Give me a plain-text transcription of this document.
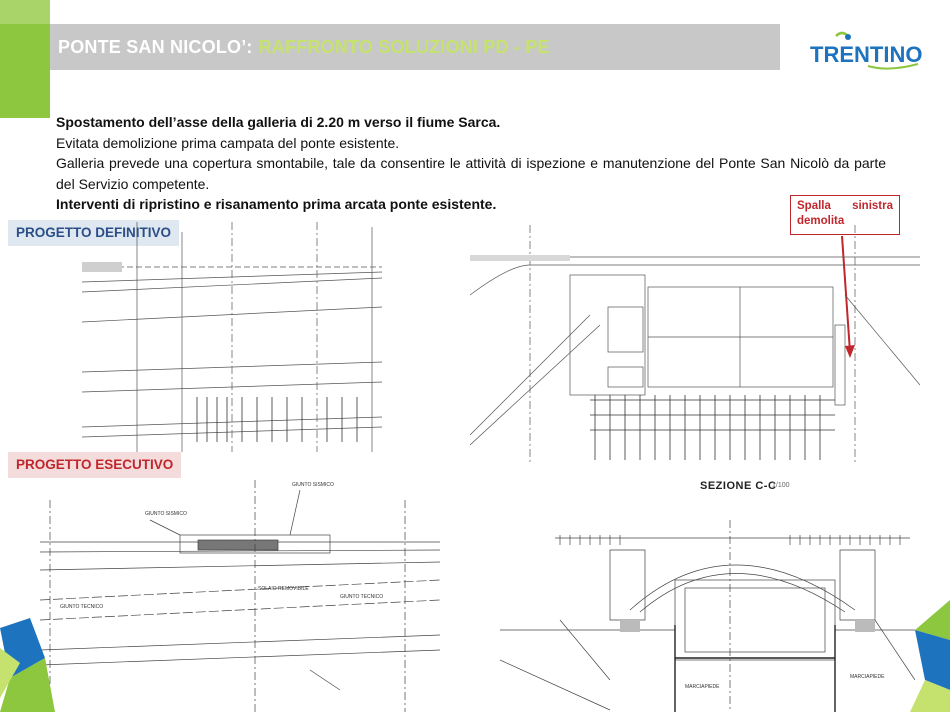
PONTE SAN NICOLO’: RAFFRONTO SOLUZIONI PD - PE	TRENTINO

Spostamento dell’asse della galleria di 2.20 m verso il fiume Sarca.

Evitata demolizione prima campata del ponte esistente.

Galleria prevede una copertura smontabile, tale da consentire le attività di ispezione e manutenzione del Ponte San Nicolò da parte del Servizio competente.

Interventi di ripristino e risanamento prima arcata ponte esistente.

PROGETTO DEFINITIVO
PROGETTO ESECUTIVO
Spalla sinistra
demolita
GIUNTO SISMICO
GIUNTO SISMICO
SOLAIO REMOVIBILE
GIUNTO TECNICO
GIUNTO TECNICO
SEZIONE C-C
1/100
MARCIAPIEDE
MARCIAPIEDE
